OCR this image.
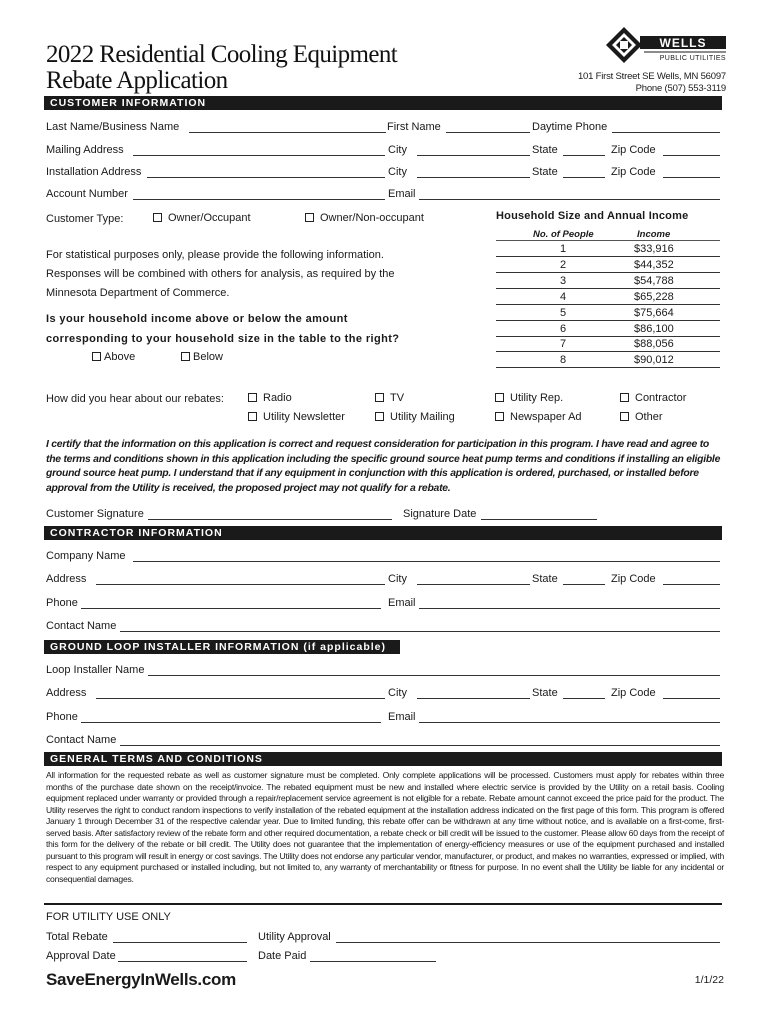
2022 Residential Cooling Equipment
Rebate Application
WELLS
PUBLIC UTILITIES
101 First Street SE Wells, MN 56097
Phone (507) 553-3119
CUSTOMER INFORMATION
Last Name/Business Name	First Name	Daytime Phone
Mailing Address	City	State	Zip Code
Installation Address	City	State	Zip Code
Account Number	Email
Customer Type:	Owner/Occupant	Owner/Non-occupant
For statistical purposes only, please provide the following information.
Responses will be combined with others for analysis, as required by the
Minnesota Department of Commerce.
Is your household income above or below the amount
corresponding to your household size in the table to the right?
Above	Below
Household Size and Annual Income
No. of People	Income
1	$33,916
2	$44,352
3	$54,788
4	$65,228
5	$75,664
6	$86,100
7	$88,056
8	$90,012
How did you hear about our rebates:	Radio	TV	Utility Rep.	Contractor
Utility Newsletter	Utility Mailing	Newspaper Ad	Other
I certify that the information on this application is correct and request consideration for participation in this program. I have read and agree to the terms and conditions shown in this application including the specific ground source heat pump terms and conditions if installing an eligible ground source heat pump. I understand that if any equipment in conjunction with this application is ordered, purchased, or installed before approval from the Utility is received, the proposed project may not qualify for a rebate.
Customer Signature	Signature Date
CONTRACTOR INFORMATION
Company Name
Address	City	State	Zip Code
Phone	Email
Contact Name
GROUND LOOP INSTALLER INFORMATION (if applicable)
Loop Installer Name
Address	City	State	Zip Code
Phone	Email
Contact Name
GENERAL TERMS AND CONDITIONS
All information for the requested rebate as well as customer signature must be completed. Only complete applications will be processed. Customers must apply for rebates within three months of the purchase date shown on the receipt/invoice. The rebated equipment must be new and installed where electric service is provided by the Utility on a retail basis. Cooling equipment replaced under warranty or provided through a repair/replacement service agreement is not eligible for a rebate. Rebate amount cannot exceed the price paid for the product. The Utility reserves the right to conduct random inspections to verify installation of the rebated equipment at the installation address indicated on the first page of this form. This program is offered January 1 through December 31 of the respective calendar year. Due to limited funding, this rebate offer can be withdrawn at any time without notice, and is available on a first-come, first-served basis. After satisfactory review of the rebate form and other required documentation, a rebate check or bill credit will be issued to the customer. Please allow 60 days from the receipt of this form for the delivery of the rebate or bill credit. The Utility does not guarantee that the implementation of energy-efficiency measures or use of the equipment purchased and installed pursuant to this program will result in energy or cost savings. The Utility does not endorse any particular vendor, manufacturer, or product, and makes no warranties, expressed or implied, with respect to any equipment purchased or installed including, but not limited to, any warranty of merchantability or fitness for purpose. In no event shall the Utility be liable for any incidental or consequential damages.
FOR UTILITY USE ONLY
Total Rebate	Utility Approval
Approval Date	Date Paid
SaveEnergyInWells.com	1/1/22
